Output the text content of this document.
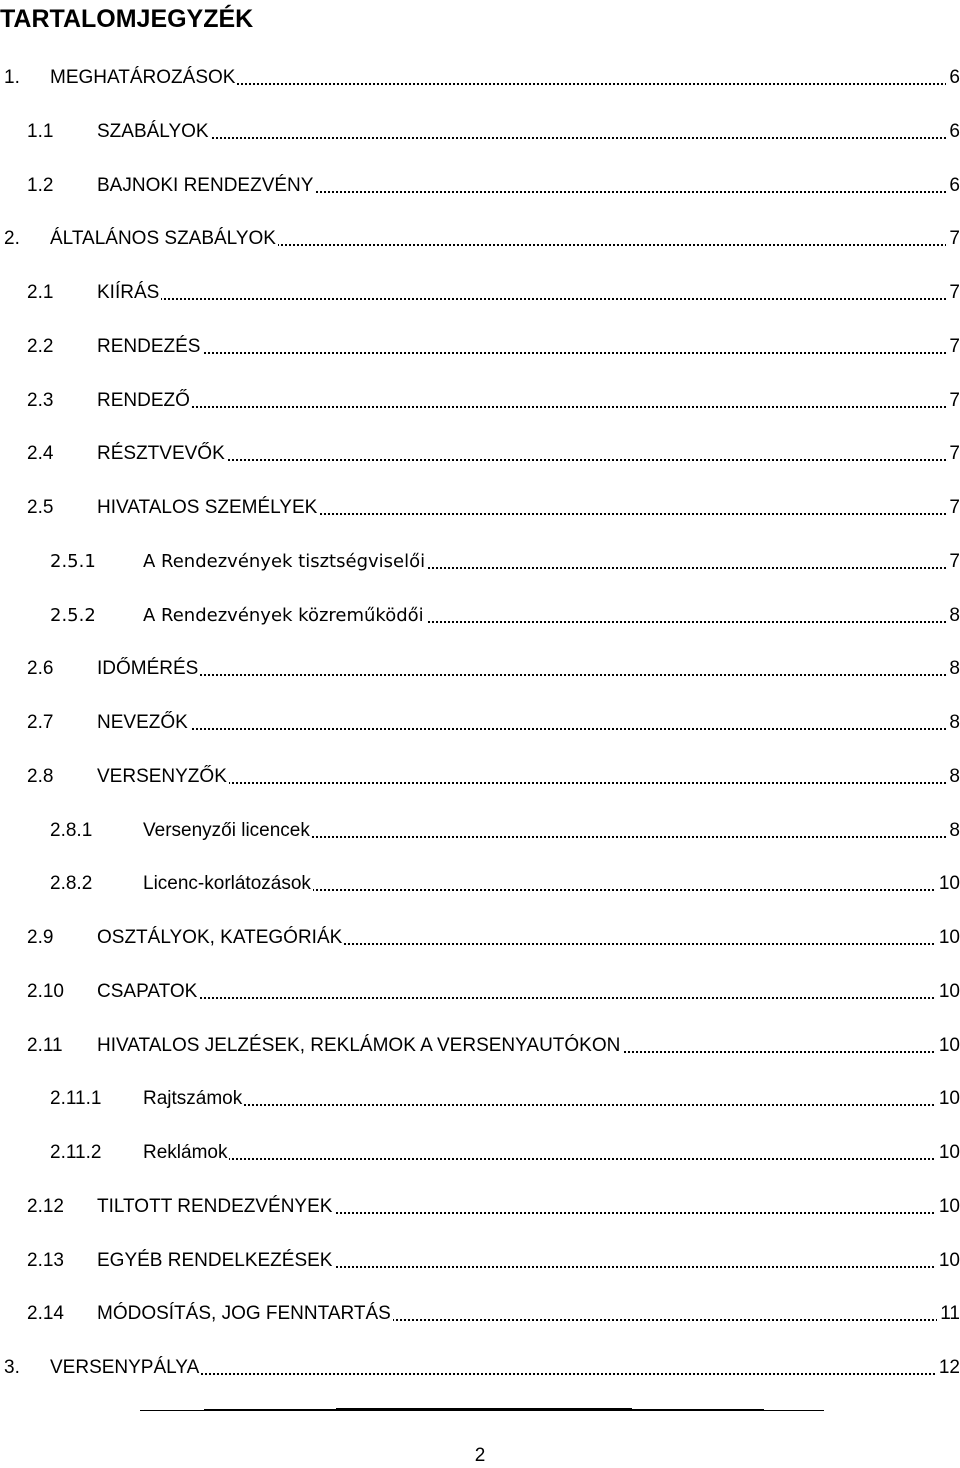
TARTALOMJEGYZÉK
1. MEGHATÁROZÁSOK	6
1.1 SZABÁLYOK	6
1.2 BAJNOKI RENDEZVÉNY	6
2. ÁLTALÁNOS SZABÁLYOK	7
2.1 KIÍRÁS	7
2.2 RENDEZÉS	7
2.3 RENDEZŐ	7
2.4 RÉSZTVEVŐK	7
2.5 HIVATALOS SZEMÉLYEK	7
2.5.1	A Rendezvények tisztségviselői	7
2.5.2	A Rendezvények közreműködői	8
2.6 IDŐMÉRÉS	8
2.7 NEVEZŐK	8
2.8 VERSENYZŐK	8
2.8.1	Versenyzői licencek	8
2.8.2	Licenc-korlátozások	10
2.9 OSZTÁLYOK, KATEGÓRIÁK	10
2.10 CSAPATOK	10
2.11 HIVATALOS JELZÉSEK, REKLÁMOK A VERSENYAUTÓKON	10
2.11.1 Rajtszámok	10
2.11.2 Reklámok	10
2.12 TILTOTT RENDEZVÉNYEK	10
2.13 EGYÉB RENDELKEZÉSEK	10
2.14 MÓDOSÍTÁS, JOG FENNTARTÁS	11
3. VERSENYPÁLYA	12
2
